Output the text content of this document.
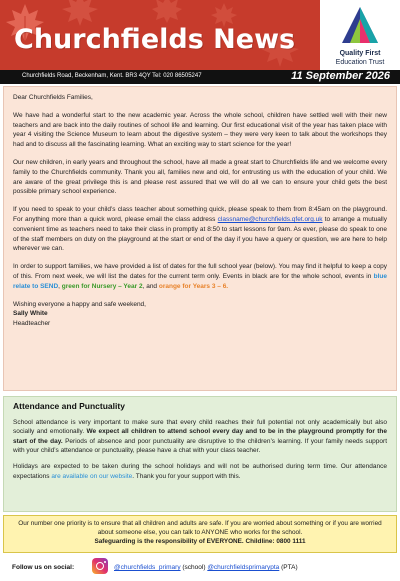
Churchfields News	Quality First
Education Trust
Churchfields Road, Beckenham, Kent. BR3 4QY Tel: 020 86505247	11 September 2026

Dear Churchfields Families,

We have had a wonderful start to the new academic year. Across the whole school, children have settled well with their new teachers and are back into the daily routines of school life and learning. Our first educational visit of the year has taken place with year 4 visiting the Science Museum to learn about the digestive system – they were very keen to talk about the workshops they had and to discuss all the fascinating learning. What an exciting way to start science for the year!

Our new children, in early years and throughout the school, have all made a great start to Churchfields life and we welcome every family to the Churchfields community. Thank you all, families new and old, for entrusting us with the education of your child. We are aware of the great privilege this is and please rest assured that we will do all we can to ensure your child gets the best possible primary school experience.

If you need to speak to your child’s class teacher about something quick, please speak to them from 8:45am on the playground. For anything more than a quick word, please email the class address classname@churchfields.qfet.org.uk to arrange a mutually convenient time as teachers need to take their class in promptly at 8:50 to start lessons for 9am. As ever, please do speak to one of the staff members on duty on the playground at the start or end of the day if you have a query or question, we are here to help wherever we can.

In order to support families, we have provided a list of dates for the full school year (below). You may find it helpful to keep a copy of this. From next week, we will list the dates for the current term only. Events in black are for the whole school, events in blue relate to SEND, green for Nursery – Year 2, and orange for Years 3 – 6.

Wishing everyone a happy and safe weekend,

Sally White

Headteacher

Attendance and Punctuality

School attendance is very important to make sure that every child reaches their full potential not only academically but also socially and emotionally. We expect all children to attend school every day and to be in the playground promptly for the start of the day. Periods of absence and poor punctuality are disruptive to the children’s learning. If your family needs support with your child’s attendance or punctuality, please have a chat with your class teacher.

Holidays are expected to be taken during the school holidays and will not be authorised during term time. Our attendance expectations are available on our website. Thank you for your support with this.

Our number one priority is to ensure that all children and adults are safe. If you are worried about something or if you are worried about someone else, you can talk to ANYONE who works for the school.
Safeguarding is the responsibility of EVERYONE. Childline: 0800 1111
Follow us on social:	@churchfields_primary (school) @churchfieldsprimarypta (PTA)
